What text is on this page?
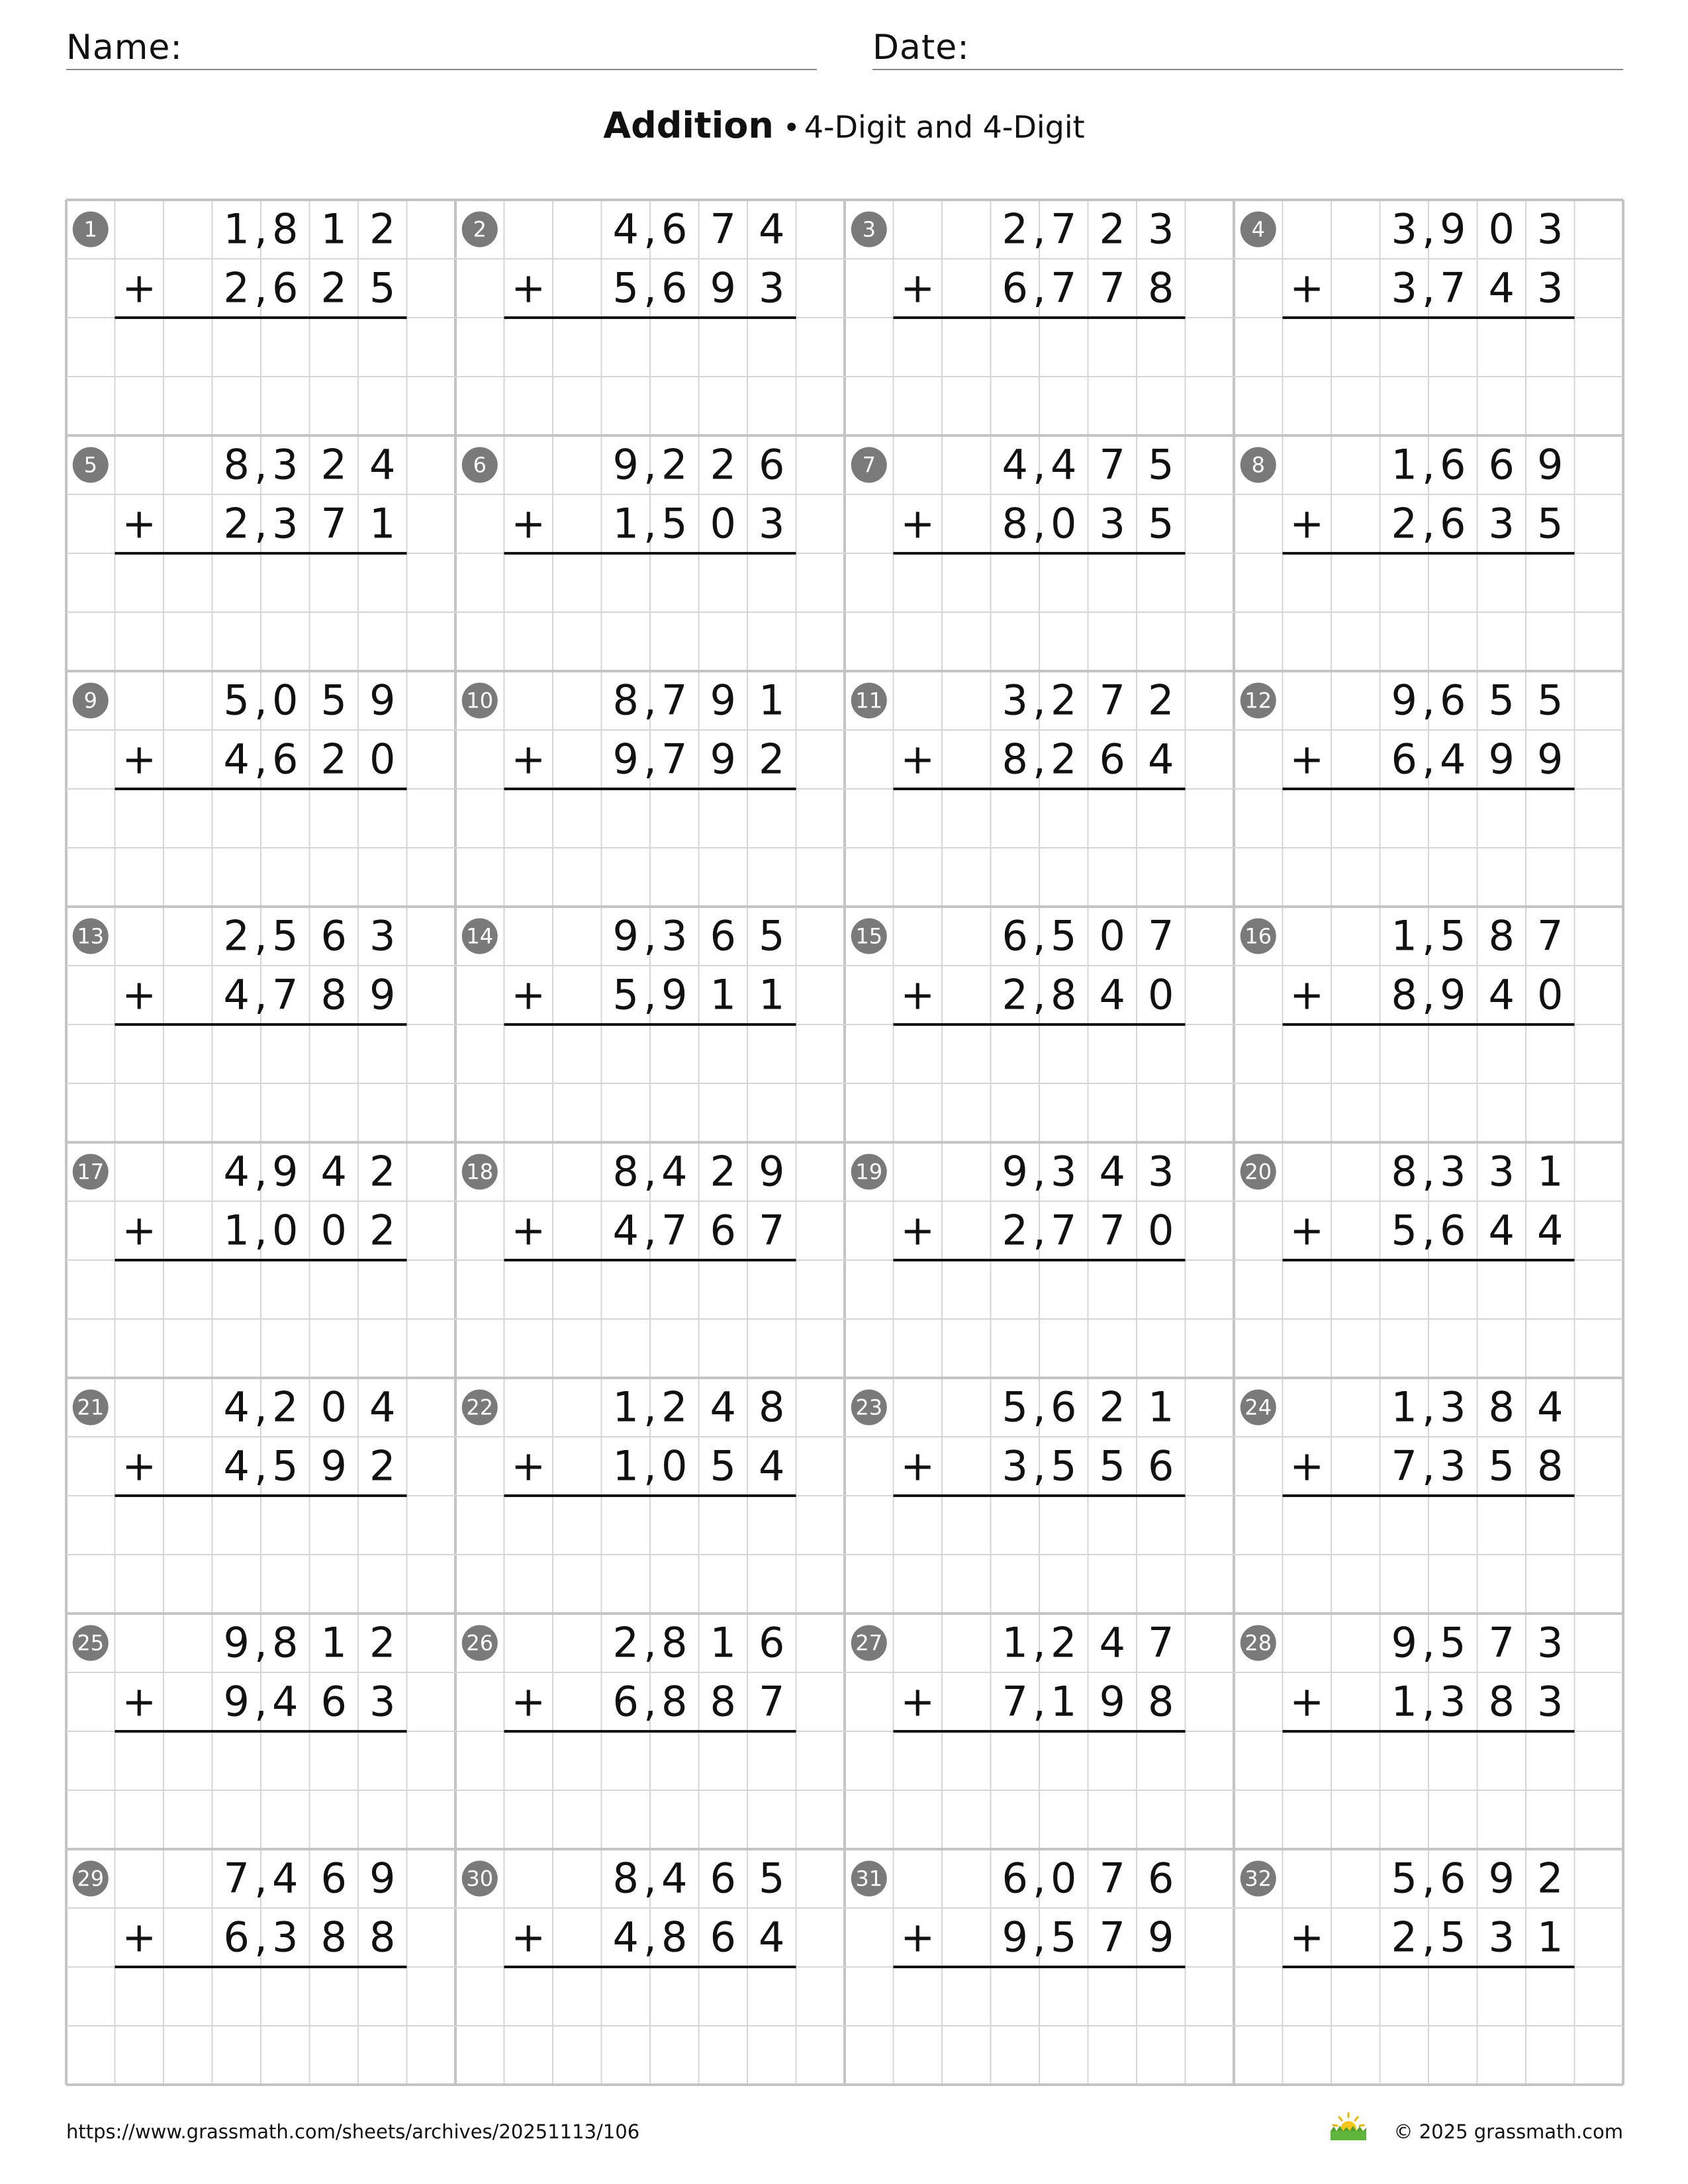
Name:	Date:
Addition • 4-Digit and 4-Digit
1	1 8 1 2
,
2 6 2 5
,
+
2	4 6 7 4
,
5 6 9 3
,
+
3	2 7 2 3
,
6 7 7 8
,
+
4	3 9 0 3
,
3 7 4 3
,
+
5	8 3 2 4
,
2 3 7 1
,
+
6	9 2 2 6
,
1 5 0 3
,
+
7	4 4 7 5
,
8 0 3 5
,
+
8	1 6 6 9
,
2 6 3 5
,
+
9	5 0 5 9
,
4 6 2 0
,
+
10	8 7 9 1
,
9 7 9 2
,
+
11	3 2 7 2
,
8 2 6 4
,
+
12	9 6 5 5
,
6 4 9 9
,
+
13	2 5 6 3
,
4 7 8 9
,
+
14	9 3 6 5
,
5 9 1 1
,
+
15	6 5 0 7
,
2 8 4 0
,
+
16	1 5 8 7
,
8 9 4 0
,
+
17	4 9 4 2
,
1 0 0 2
,
+
18	8 4 2 9
,
4 7 6 7
,
+
19	9 3 4 3
,
2 7 7 0
,
+
20	8 3 3 1
,
5 6 4 4
,
+
21	4 2 0 4
,
4 5 9 2
,
+
22	1 2 4 8
,
1 0 5 4
,
+
23	5 6 2 1
,
3 5 5 6
,
+
24	1 3 8 4
,
7 3 5 8
,
+
25	9 8 1 2
,
9 4 6 3
,
+
26	2 8 1 6
,
6 8 8 7
,
+
27	1 2 4 7
,
7 1 9 8
,
+
28	9 5 7 3
,
1 3 8 3
,
+
29	7 4 6 9
,
6 3 8 8
,
+
30	8 4 6 5
,
4 8 6 4
,
+
31	6 0 7 6
,
9 5 7 9
,
+
32	5 6 9 2
,
2 5 3 1
,
+
https://www.grassmath.com/sheets/archives/20251113/106	© 2025 grassmath.com
